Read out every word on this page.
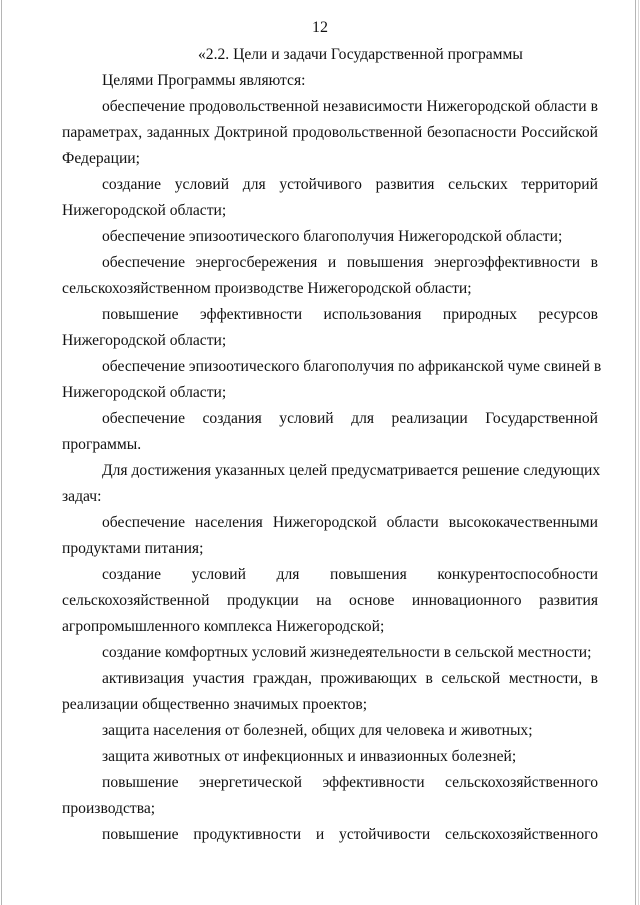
12
«2.2. Цели и задачи Государственной программы
Целями Программы являются:
обеспечение продовольственной независимости Нижегородской области в
параметрах, заданных Доктриной продовольственной безопасности Российской
Федерации;
создание условий для устойчивого развития сельских территорий
Нижегородской области;
обеспечение эпизоотического благополучия Нижегородской области;
обеспечение энергосбережения и повышения энергоэффективности в
сельскохозяйственном производстве Нижегородской области;
повышение эффективности использования природных ресурсов
Нижегородской области;
обеспечение эпизоотического благополучия по африканской чуме свиней в
Нижегородской области;
обеспечение создания условий для реализации Государственной
программы.
Для достижения указанных целей предусматривается решение следующих
задач:
обеспечение населения Нижегородской области высококачественными
продуктами питания;
создание условий для повышения конкурентоспособности
сельскохозяйственной продукции на основе инновационного развития
агропромышленного комплекса Нижегородской;
создание комфортных условий жизнедеятельности в сельской местности;
активизация участия граждан, проживающих в сельской местности, в
реализации общественно значимых проектов;
защита населения от болезней, общих для человека и животных;
защита животных от инфекционных и инвазионных болезней;
повышение энергетической эффективности сельскохозяйственного
производства;
повышение продуктивности и устойчивости сельскохозяйственного
